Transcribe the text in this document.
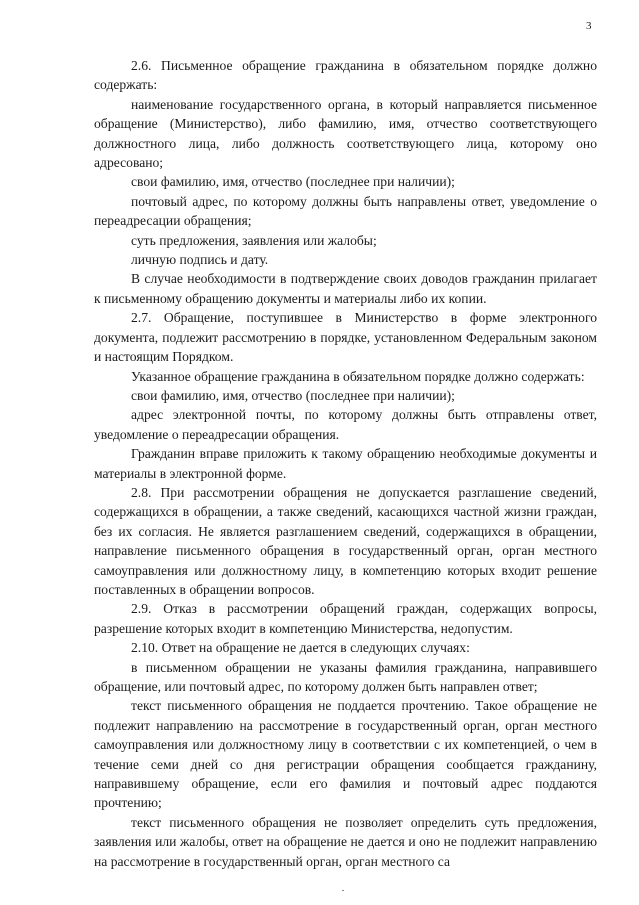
3

2.6. Письменное обращение гражданина в обязательном порядке должно содержать:

наименование государственного органа, в который направляется письменное обращение (Министерство), либо фамилию, имя, отчество соответствующего должностного лица, либо должность соответствующего лица, которому оно адресовано;

свои фамилию, имя, отчество (последнее при наличии);

почтовый адрес, по которому должны быть направлены ответ, уведомление о переадресации обращения;

суть предложения, заявления или жалобы;

личную подпись и дату.

В случае необходимости в подтверждение своих доводов гражданин прилагает к письменному обращению документы и материалы либо их копии.

2.7. Обращение, поступившее в Министерство в форме электронного документа, подлежит рассмотрению в порядке, установленном Федеральным законом и настоящим Порядком.

Указанное обращение гражданина в обязательном порядке должно содержать:

свои фамилию, имя, отчество (последнее при наличии);

адрес электронной почты, по которому должны быть отправлены ответ, уведомление о переадресации обращения.

Гражданин вправе приложить к такому обращению необходимые документы и материалы в электронной форме.

2.8. При рассмотрении обращения не допускается разглашение сведений, содержащихся в обращении, а также сведений, касающихся частной жизни граждан, без их согласия. Не является разглашением сведений, содержащихся в обращении, направление письменного обращения в государственный орган, орган местного самоуправления или должностному лицу, в компетенцию которых входит решение поставленных в обращении вопросов.

2.9. Отказ в рассмотрении обращений граждан, содержащих вопросы, разрешение которых входит в компетенцию Министерства, недопустим.

2.10. Ответ на обращение не дается в следующих случаях:

в письменном обращении не указаны фамилия гражданина, направившего обращение, или почтовый адрес, по которому должен быть направлен ответ;

текст письменного обращения не поддается прочтению. Такое обращение не подлежит направлению на рассмотрение в государственный орган, орган местного самоуправления или должностному лицу в соответствии с их компетенцией, о чем в течение семи дней со дня регистрации обращения сообщается гражданину, направившему обращение, если его фамилия и почтовый адрес поддаются прочтению;

текст письменного обращения не позволяет определить суть предложения, заявления или жалобы, ответ на обращение не дается и оно не подлежит направлению на рассмотрение в государственный орган, орган местного са
